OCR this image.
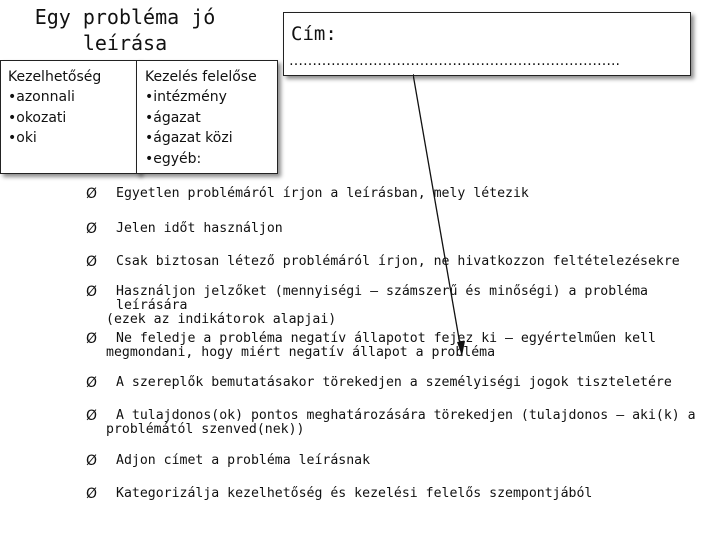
Egy probléma jó
leírása
Kezelhetőség
•azonnali
•okozati
•oki
Kezelés felelőse
•intézmény
•ágazat
•ágazat közi
•egyéb:
Cím:
……………………………………………………………..
Ø Egyetlen problémáról írjon a leírásban, mely létezik
Ø Jelen időt használjon
Ø Csak biztosan létező problémáról írjon, ne hivatkozzon feltételezésekre
Ø Használjon jelzőket (mennyiségi – számszerű és minőségi) a probléma leírására
(ezek az indikátorok alapjai)
Ø Ne feledje a probléma negatív állapotot fejez ki – egyértelműen kell
megmondani, hogy miért negatív állapot a probléma
Ø A szereplők bemutatásakor törekedjen a személyiségi jogok tiszteletére
Ø A tulajdonos(ok) pontos meghatározására törekedjen (tulajdonos – aki(k) a
problémától szenved(nek))
Ø Adjon címet a probléma leírásnak
Ø Kategorizálja kezelhetőség és kezelési felelős szempontjából
